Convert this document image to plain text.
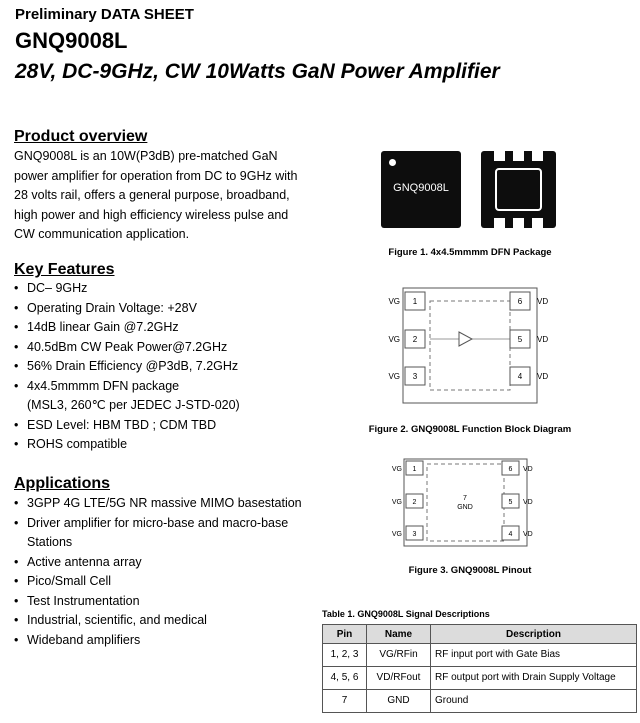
Preliminary DATA SHEET
GNQ9008L
28V, DC-9GHz, CW 10Watts GaN Power Amplifier
Product overview
GNQ9008L is an 10W(P3dB) pre-matched GaN
power amplifier for operation from DC to 9GHz with
28 volts rail, offers a general purpose, broadband,
high power and high efficiency wireless pulse and
CW communication application.
Key Features
• DC– 9GHz
• Operating Drain Voltage: +28V
• 14dB linear Gain @7.2GHz
• 40.5dBm CW Peak Power@7.2GHz
• 56% Drain Efficiency @P3dB, 7.2GHz
• 4x4.5mmmm DFN package
(MSL3, 260℃ per JEDEC J-STD-020)
• ESD Level: HBM TBD ; CDM TBD
• ROHS compatible
Applications
• 3GPP 4G LTE/5G NR massive MIMO basestation
• Driver amplifier for micro-base and macro-base
Stations
• Active antenna array
• Pico/Small Cell
• Test Instrumentation
• Industrial, scientific, and medical
• Wideband amplifiers
GNQ9008L
Figure 1. 4x4.5mmmm DFN Package
1
VG
2
VG
3
VG
6 VD
5 VD
4 VD
Figure 2. GNQ9008L Function Block Diagram
7
GND
1
VG
2
VG
3
VG
6 VD
5 VD
4 VD
Figure 3. GNQ9008L Pinout
Table 1. GNQ9008L Signal Descriptions
Pin	Name	Description
1, 2, 3	VG/RFin	RF input port with Gate Bias
4, 5, 6	VD/RFout	RF output port with Drain Supply Voltage
7	GND	Ground
